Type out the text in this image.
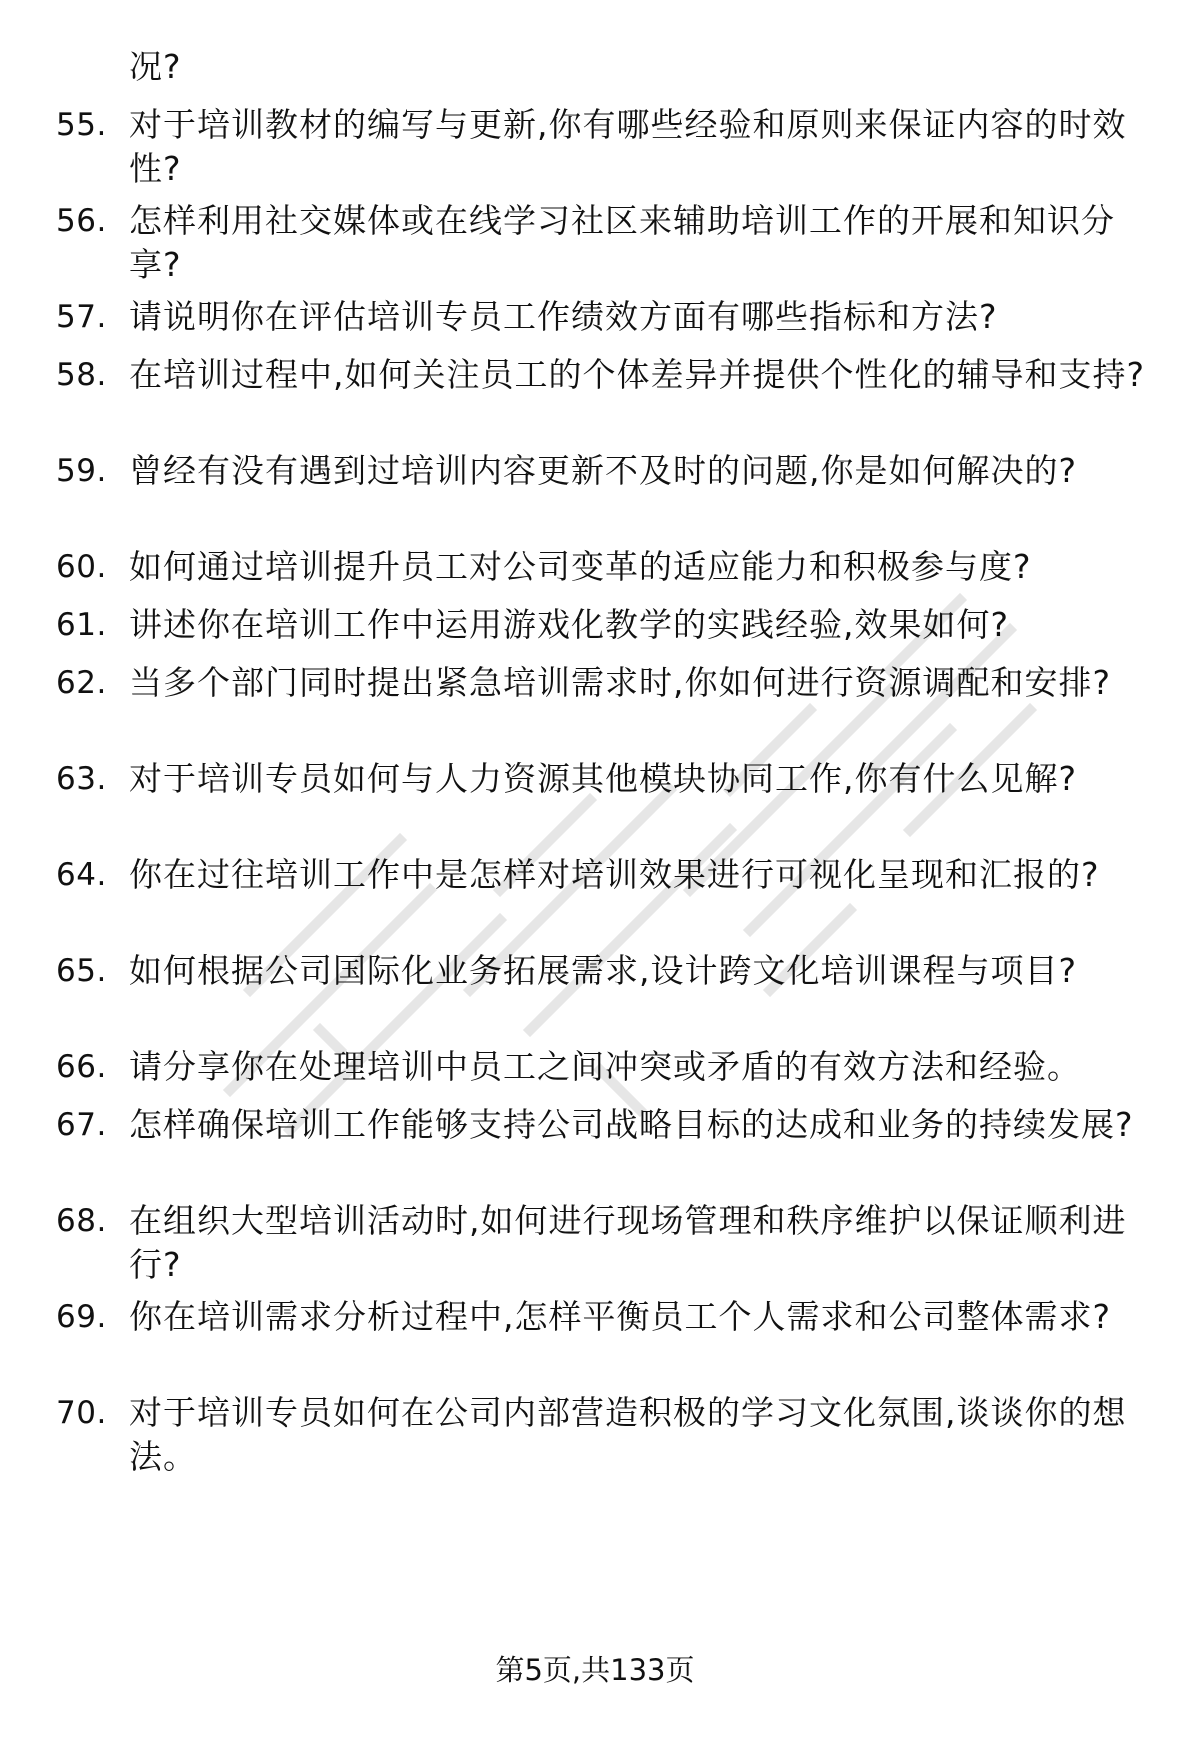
况?
55. 对于培训教材的编写与更新,你有哪些经验和原则来保证内容的时效性?
56. 怎样利用社交媒体或在线学习社区来辅助培训工作的开展和知识分享?
57. 请说明你在评估培训专员工作绩效方面有哪些指标和方法?
58. 在培训过程中,如何关注员工的个体差异并提供个性化的辅导和支持?
59. 曾经有没有遇到过培训内容更新不及时的问题,你是如何解决的?
60. 如何通过培训提升员工对公司变革的适应能力和积极参与度?
61. 讲述你在培训工作中运用游戏化教学的实践经验,效果如何?
62. 当多个部门同时提出紧急培训需求时,你如何进行资源调配和安排?
63. 对于培训专员如何与人力资源其他模块协同工作,你有什么见解?
64. 你在过往培训工作中是怎样对培训效果进行可视化呈现和汇报的?
65. 如何根据公司国际化业务拓展需求,设计跨文化培训课程与项目?
66. 请分享你在处理培训中员工之间冲突或矛盾的有效方法和经验。
67. 怎样确保培训工作能够支持公司战略目标的达成和业务的持续发展?
68. 在组织大型培训活动时,如何进行现场管理和秩序维护以保证顺利进行?
69. 你在培训需求分析过程中,怎样平衡员工个人需求和公司整体需求?
70. 对于培训专员如何在公司内部营造积极的学习文化氛围,谈谈你的想法。
第5页,共133页
